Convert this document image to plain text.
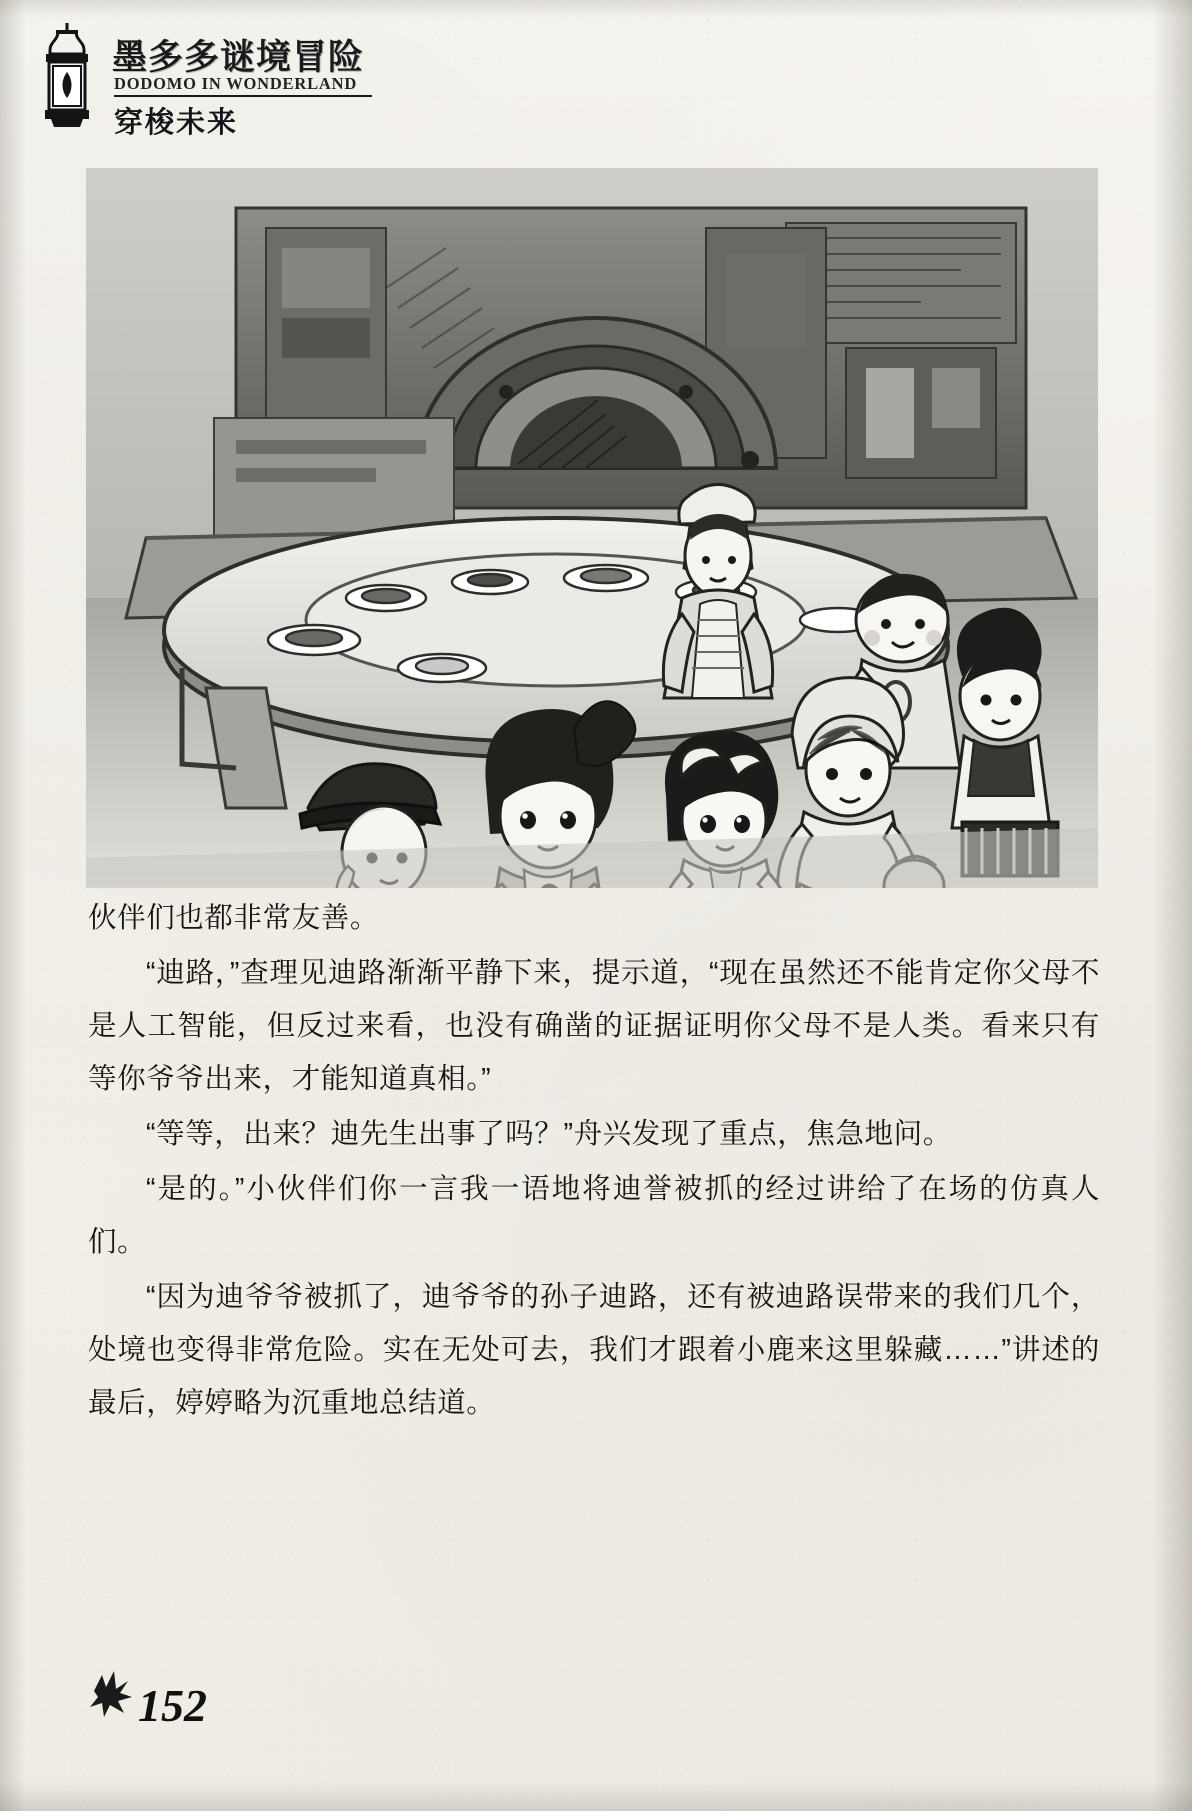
墨多多谜境冒险
DODOMO IN WONDERLAND
穿梭未来

伙伴们也都非常友善。

“迪路，”查理见迪路渐渐平静下来，提示道，“现在虽然还不能肯定你父母不是人工智能，但反过来看，也没有确凿的证据证明你父母不是人类。看来只有等你爷爷出来，才能知道真相。”

“等等，出来？迪先生出事了吗？”舟兴发现了重点，焦急地问。

“是的。”小伙伴们你一言我一语地将迪誉被抓的经过讲给了在场的仿真人们。

“因为迪爷爷被抓了，迪爷爷的孙子迪路，还有被迪路误带来的我们几个，处境也变得非常危险。实在无处可去，我们才跟着小鹿来这里躲藏……”讲述的最后，婷婷略为沉重地总结道。

152
